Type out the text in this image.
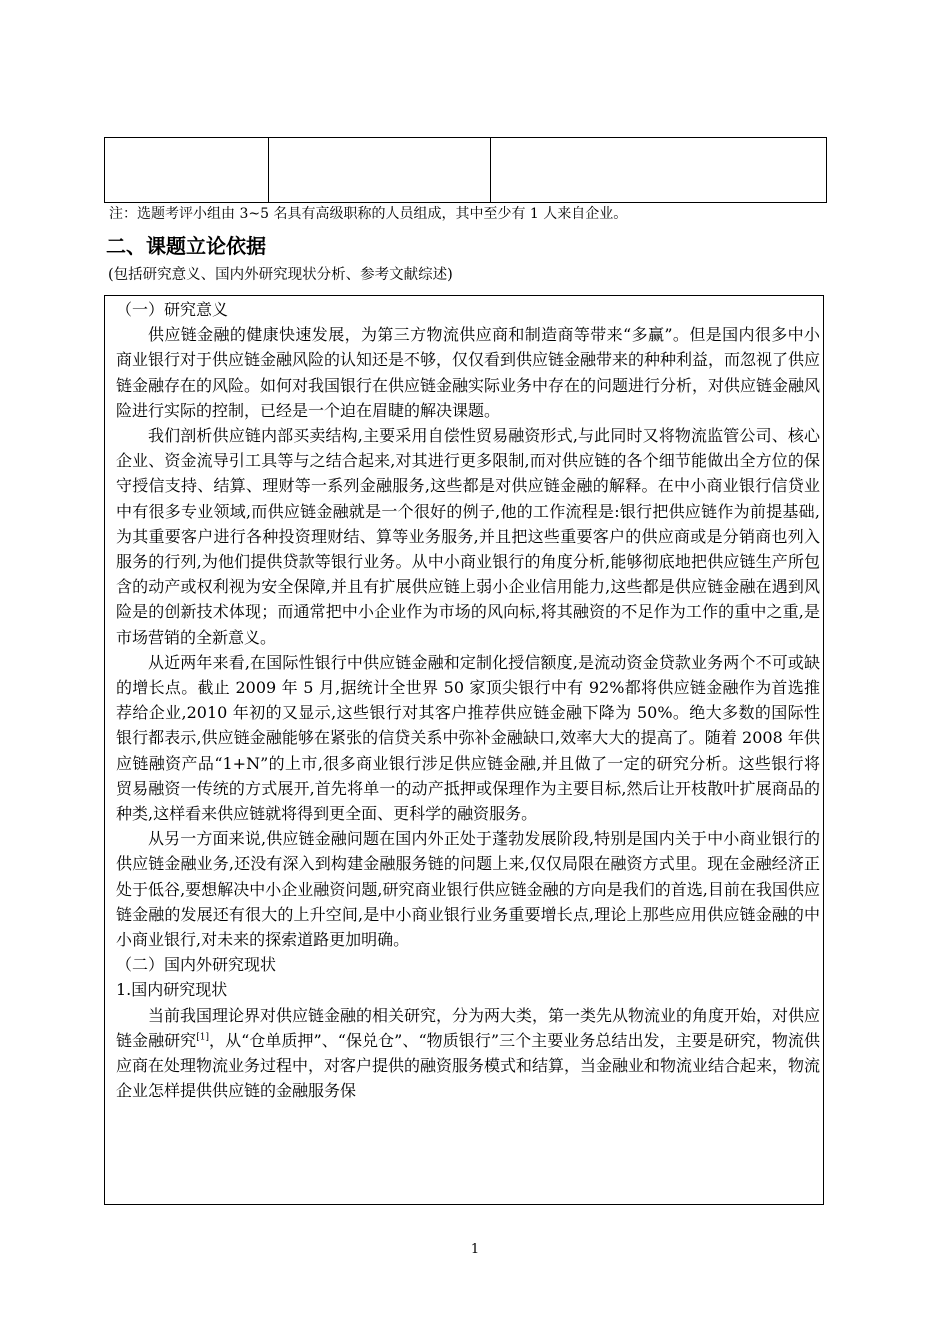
注：选题考评小组由 3~5 名具有高级职称的人员组成，其中至少有 1 人来自企业。
二、课题立论依据
(包括研究意义、国内外研究现状分析、参考文献综述)

（一）研究意义

供应链金融的健康快速发展，为第三方物流供应商和制造商等带来“多赢”。但是国内很多中小商业银行对于供应链金融风险的认知还是不够，仅仅看到供应链金融带来的种种利益，而忽视了供应链金融存在的风险。如何对我国银行在供应链金融实际业务中存在的问题进行分析，对供应链金融风险进行实际的控制，已经是一个迫在眉睫的解决课题。

我们剖析供应链内部买卖结构,主要采用自偿性贸易融资形式,与此同时又将物流监管公司、核心企业、资金流导引工具等与之结合起来,对其进行更多限制,而对供应链的各个细节能做出全方位的保守授信支持、结算、理财等一系列金融服务,这些都是对供应链金融的解释。在中小商业银行信贷业中有很多专业领域,而供应链金融就是一个很好的例子,他的工作流程是:银行把供应链作为前提基础,为其重要客户进行各种投资理财结、算等业务服务,并且把这些重要客户的供应商或是分销商也列入服务的行列,为他们提供贷款等银行业务。从中小商业银行的角度分析,能够彻底地把供应链生产所包含的动产或权利视为安全保障,并且有扩展供应链上弱小企业信用能力,这些都是供应链金融在遇到风险是的创新技术体现；而通常把中小企业作为市场的风向标,将其融资的不足作为工作的重中之重,是市场营销的全新意义。

从近两年来看,在国际性银行中供应链金融和定制化授信额度,是流动资金贷款业务两个不可或缺的增长点。截止 2009 年 5 月,据统计全世界 50 家顶尖银行中有 92%都将供应链金融作为首选推荐给企业,2010 年初的又显示,这些银行对其客户推荐供应链金融下降为 50%。绝大多数的国际性银行都表示,供应链金融能够在紧张的信贷关系中弥补金融缺口,效率大大的提高了。随着 2008 年供应链融资产品“1+N”的上市,很多商业银行涉足供应链金融,并且做了一定的研究分析。这些银行将贸易融资一传统的方式展开,首先将单一的动产抵押或保理作为主要目标,然后让开枝散叶扩展商品的种类,这样看来供应链就将得到更全面、更科学的融资服务。

从另一方面来说,供应链金融问题在国内外正处于蓬勃发展阶段,特别是国内关于中小商业银行的供应链金融业务,还没有深入到构建金融服务链的问题上来,仅仅局限在融资方式里。现在金融经济正处于低谷,要想解决中小企业融资问题,研究商业银行供应链金融的方向是我们的首选,目前在我国供应链金融的发展还有很大的上升空间,是中小商业银行业务重要增长点,理论上那些应用供应链金融的中小商业银行,对未来的探索道路更加明确。

（二）国内外研究现状

1.国内研究现状

当前我国理论界对供应链金融的相关研究，分为两大类，第一类先从物流业的角度开始，对供应链金融研究[1]，从“仓单质押”、“保兑仓”、“物质银行”三个主要业务总结出发，主要是研究，物流供应商在处理物流业务过程中，对客户提供的融资服务模式和结算，当金融业和物流业结合起来，物流企业怎样提供供应链的金融服务保

1
